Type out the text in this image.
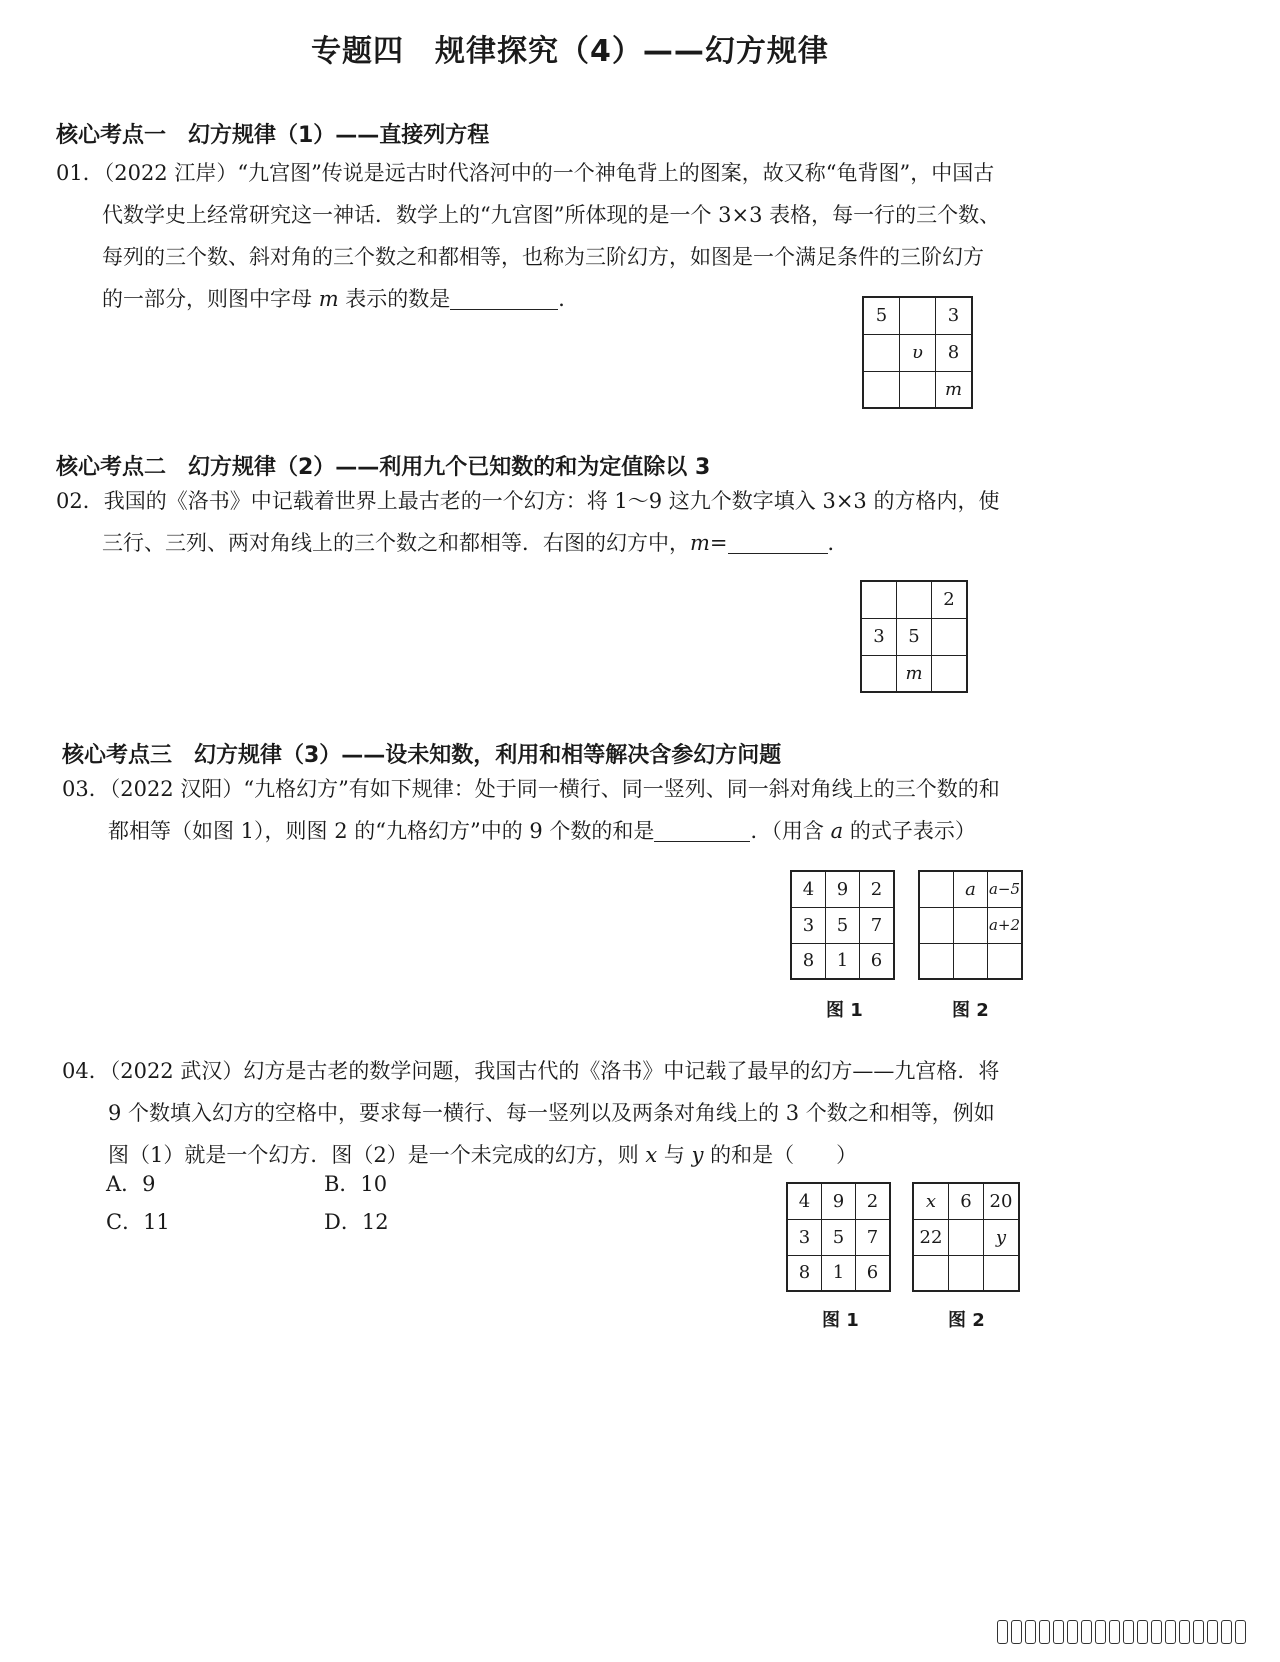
专题四　规律探究（4）——幻方规律
核心考点一　幻方规律（1）——直接列方程
01．（2022 江岸）“九宫图”传说是远古时代洛河中的一个神龟背上的图案，故又称“龟背图”，中国古
代数学史上经常研究这一神话．数学上的“九宫图”所体现的是一个 3×3 表格，每一行的三个数、
每列的三个数、斜对角的三个数之和都相等，也称为三阶幻方，如图是一个满足条件的三阶幻方
的一部分，则图中字母 m 表示的数是	．
5		3
	υ	8
		m
核心考点二　幻方规律（2）——利用九个已知数的和为定值除以 3
02．我国的《洛书》中记载着世界上最古老的一个幻方：将 1～9 这九个数字填入 3×3 的方格内，使
三行、三列、两对角线上的三个数之和都相等．右图的幻方中，m=	．
		2
3	5	
	m	
核心考点三　幻方规律（3）——设未知数，利用和相等解决含参幻方问题
03．（2022 汉阳）“九格幻方”有如下规律：处于同一横行、同一竖列、同一斜对角线上的三个数的和
都相等（如图 1），则图 2 的“九格幻方”中的 9 个数的和是	．（用含 a 的式子表示）
4	9	2
3	5	7
8	1	6
	a	a−5
		a+2

图 1	图 2
04．（2022 武汉）幻方是古老的数学问题，我国古代的《洛书》中记载了最早的幻方——九宫格．将
9 个数填入幻方的空格中，要求每一横行、每一竖列以及两条对角线上的 3 个数之和相等，例如
图（1）就是一个幻方．图（2）是一个未完成的幻方，则 x 与 y 的和是（　　）
A．9	B．10
C．11	D．12
4	9	2
3	5	7
8	1	6
x	6	20
22		y

图 1	图 2
